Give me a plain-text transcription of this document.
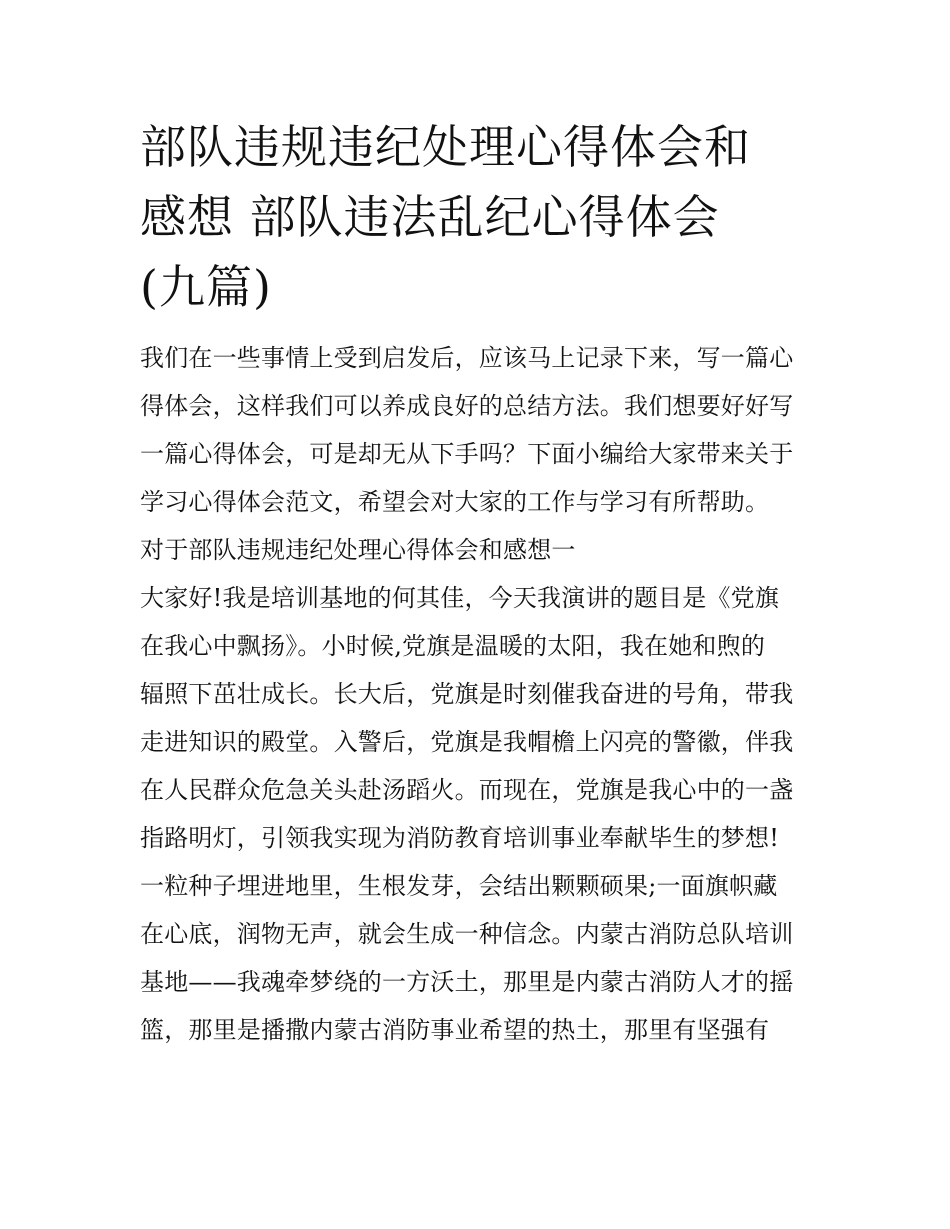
部队违规违纪处理心得体会和
感想 部队违法乱纪心得体会
(九篇)
我们在一些事情上受到启发后，应该马上记录下来，写一篇心
得体会，这样我们可以养成良好的总结方法。我们想要好好写
一篇心得体会，可是却无从下手吗？下面小编给大家带来关于
学习心得体会范文，希望会对大家的工作与学习有所帮助。
对于部队违规违纪处理心得体会和感想一
大家好!我是培训基地的何其佳，今天我演讲的题目是《党旗
在我心中飘扬》。小时候,党旗是温暖的太阳，我在她和煦的
辐照下茁壮成长。长大后，党旗是时刻催我奋进的号角，带我
走进知识的殿堂。入警后，党旗是我帽檐上闪亮的警徽，伴我
在人民群众危急关头赴汤蹈火。而现在，党旗是我心中的一盏
指路明灯，引领我实现为消防教育培训事业奉献毕生的梦想!
一粒种子埋进地里，生根发芽，会结出颗颗硕果;一面旗帜藏
在心底，润物无声，就会生成一种信念。内蒙古消防总队培训
基地——我魂牵梦绕的一方沃土，那里是内蒙古消防人才的摇
篮，那里是播撒内蒙古消防事业希望的热土，那里有坚强有
